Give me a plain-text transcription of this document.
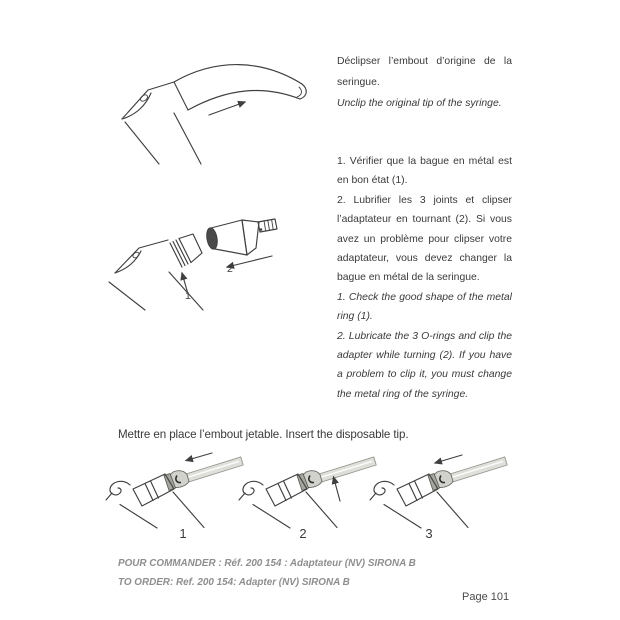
Déclipser l’embout d’origine de la seringue.

Unclip the original tip of the syringe.

1
2

1. Vérifier que la bague en métal est en bon état (1).

2. Lubrifier les 3 joints et clipser l’adaptateur en tournant (2). Si vous avez un problème pour clipser votre adaptateur, vous devez changer la bague en métal de la seringue.

1. Check the good shape of the metal ring (1).

2. Lubricate the 3 O-rings and clip the adapter while turning (2). If you have a problem to clip it, you must change the metal ring of the syringe.

Mettre en place l’embout jetable. Insert the disposable tip.
1	2	3

POUR COMMANDER : Réf. 200 154 : Adaptateur (NV) SIRONA B

TO ORDER: Ref. 200 154: Adapter (NV) SIRONA B

Page 101
